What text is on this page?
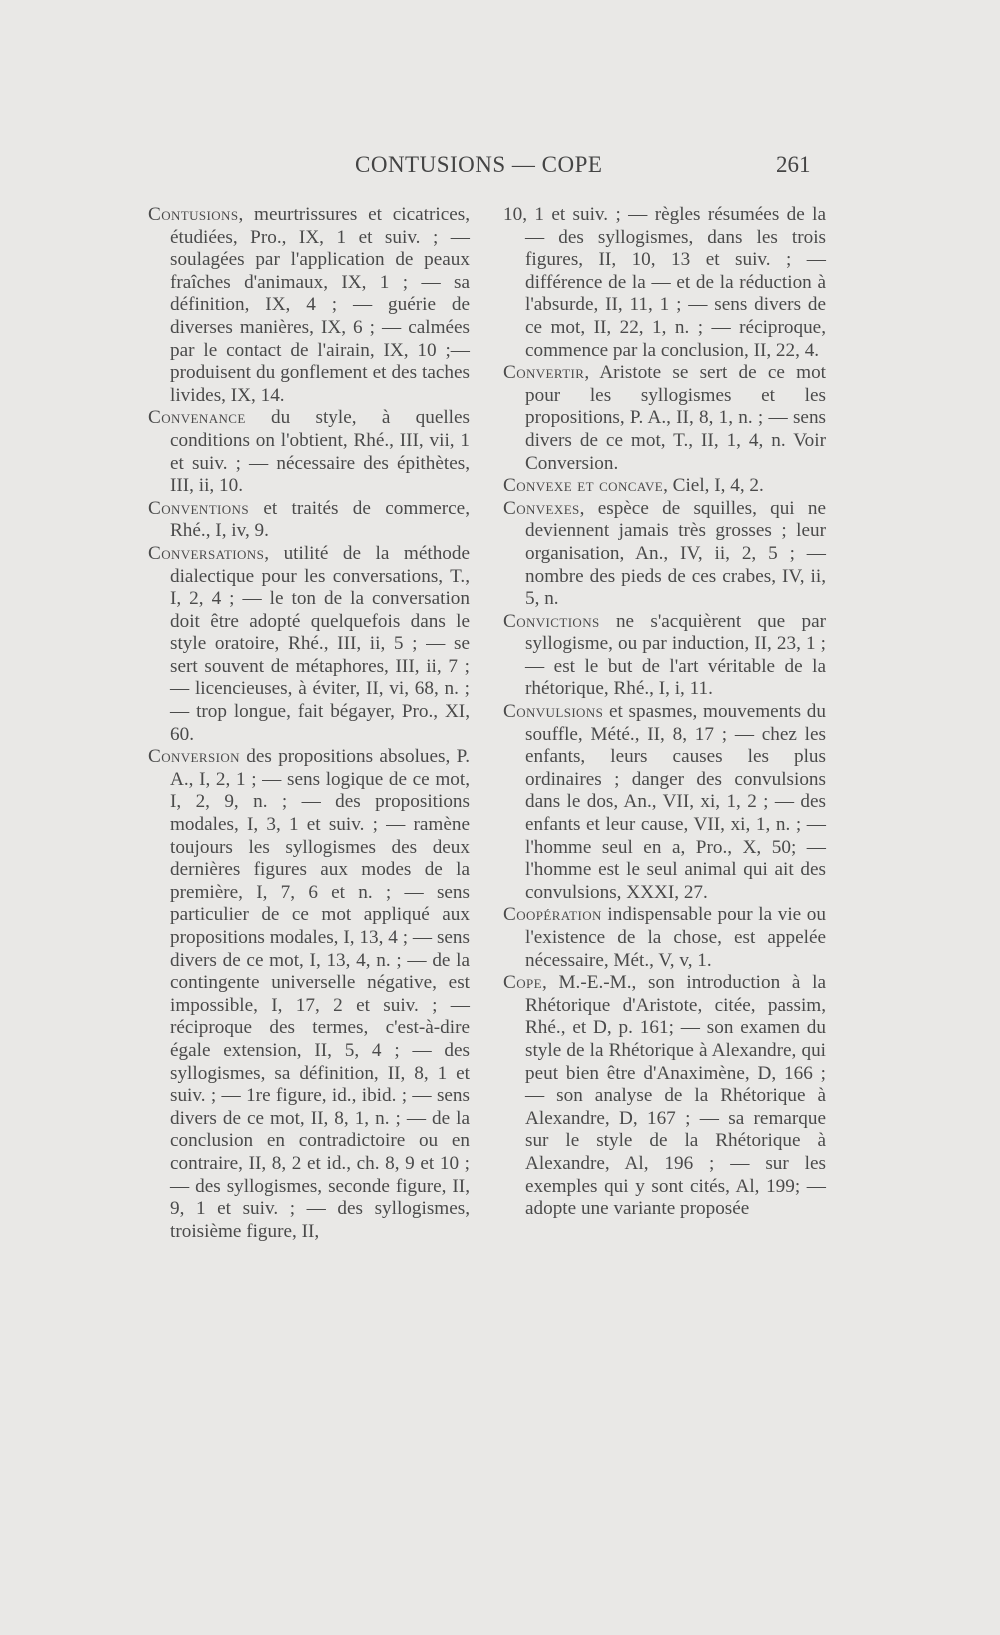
CONTUSIONS — COPE	261

Contusions, meurtrissures et cicatrices, étudiées, Pro., IX, 1 et suiv. ; — soulagées par l'application de peaux fraîches d'animaux, IX, 1 ; — sa définition, IX, 4 ; — guérie de diverses manières, IX, 6 ; — calmées par le contact de l'airain, IX, 10 ;— produisent du gonflement et des taches livides, IX, 14.

Convenance du style, à quelles conditions on l'obtient, Rhé., III, vii, 1 et suiv. ; — nécessaire des épithètes, III, ii, 10.

Conventions et traités de commerce, Rhé., I, iv, 9.

Conversations, utilité de la méthode dialectique pour les conversations, T., I, 2, 4 ; — le ton de la conversation doit être adopté quelquefois dans le style oratoire, Rhé., III, ii, 5 ; — se sert souvent de métaphores, III, ii, 7 ; — licencieuses, à éviter, II, vi, 68, n. ; — trop longue, fait bégayer, Pro., XI, 60.

Conversion des propositions absolues, P. A., I, 2, 1 ; — sens logique de ce mot, I, 2, 9, n. ; — des propositions modales, I, 3, 1 et suiv. ; — ramène toujours les syllogismes des deux dernières figures aux modes de la première, I, 7, 6 et n. ; — sens particulier de ce mot appliqué aux propositions modales, I, 13, 4 ; — sens divers de ce mot, I, 13, 4, n. ; — de la contingente universelle négative, est impossible, I, 17, 2 et suiv. ; — réciproque des termes, c'est-à-dire égale extension, II, 5, 4 ; — des syllogismes, sa définition, II, 8, 1 et suiv. ; — 1re figure, id., ibid. ; — sens divers de ce mot, II, 8, 1, n. ; — de la conclusion en contradictoire ou en contraire, II, 8, 2 et id., ch. 8, 9 et 10 ; — des syllogismes, seconde figure, II, 9, 1 et suiv. ; — des syllogismes, troisième figure, II,

10, 1 et suiv. ; — règles résumées de la — des syllogismes, dans les trois figures, II, 10, 13 et suiv. ; — différence de la — et de la réduction à l'absurde, II, 11, 1 ; — sens divers de ce mot, II, 22, 1, n. ; — réciproque, commence par la conclusion, II, 22, 4.

Convertir, Aristote se sert de ce mot pour les syllogismes et les propositions, P. A., II, 8, 1, n. ; — sens divers de ce mot, T., II, 1, 4, n. Voir Conversion.

Convexe et concave, Ciel, I, 4, 2.

Convexes, espèce de squilles, qui ne deviennent jamais très grosses ; leur organisation, An., IV, ii, 2, 5 ; — nombre des pieds de ces crabes, IV, ii, 5, n.

Convictions ne s'acquièrent que par syllogisme, ou par induction, II, 23, 1 ; — est le but de l'art véritable de la rhétorique, Rhé., I, i, 11.

Convulsions et spasmes, mouvements du souffle, Mété., II, 8, 17 ; — chez les enfants, leurs causes les plus ordinaires ; danger des convulsions dans le dos, An., VII, xi, 1, 2 ; — des enfants et leur cause, VII, xi, 1, n. ; — l'homme seul en a, Pro., X, 50; — l'homme est le seul animal qui ait des convulsions, XXXI, 27.

Coopération indispensable pour la vie ou l'existence de la chose, est appelée nécessaire, Mét., V, v, 1.

Cope, M.-E.-M., son introduction à la Rhétorique d'Aristote, citée, passim, Rhé., et D, p. 161; — son examen du style de la Rhétorique à Alexandre, qui peut bien être d'Anaximène, D, 166 ; — son analyse de la Rhétorique à Alexandre, D, 167 ; — sa remarque sur le style de la Rhétorique à Alexandre, Al, 196 ; — sur les exemples qui y sont cités, Al, 199; — adopte une variante proposée
